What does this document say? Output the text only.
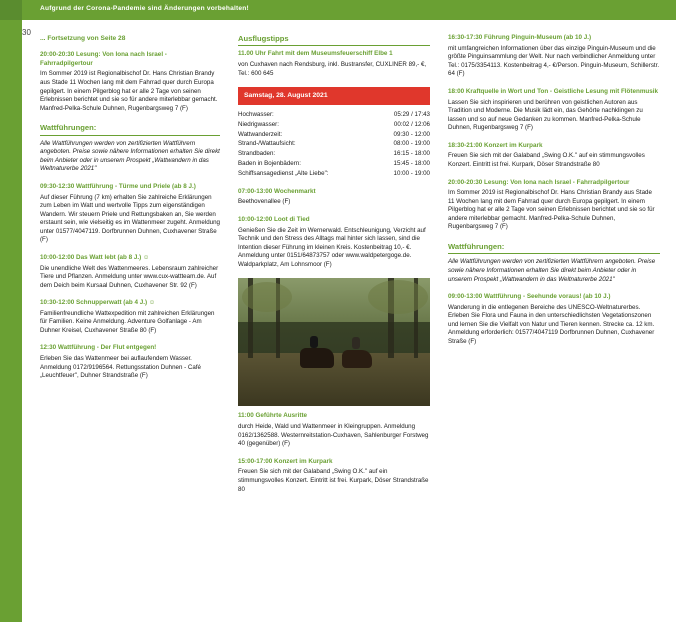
Aufgrund der Corona-Pandemie sind Änderungen vorbehalten!
30
... Fortsetzung von Seite 28
20:00-20:30 Lesung: Von Iona nach Israel - Fahrradpilgertour
Im Sommer 2019 ist Regionalbischof Dr. Hans Christian Brandy aus Stade 11 Wochen lang mit dem Fahrrad quer durch Europa gepilgert. In einem Pilgerblog hat er alle 2 Tage von seinen Erlebnissen berichtet und sie so für andere miterlebbar gemacht. Manfred-Pelka-Schule Duhnen, Rugenbargsweg 7 (F)
Wattführungen:
Alle Wattführungen werden von zertifizierten Wattführern angeboten. Preise sowie nähere Informationen erhalten Sie direkt beim Anbieter oder in unserem Prospekt „Wattwandern in das Weltnaturerbe 2021"
09:30-12:30 Wattführung - Türme und Priele (ab 8 J.)
Auf dieser Führung (7 km) erhalten Sie zahlreiche Erklärungen zum Leben im Watt und wertvolle Tipps zum eigenständigen Wandern. Wir steuern Priele und Rettungsbaken an, Sie werden erstaunt sein, wie vielseitig es im Wattenmeer zugeht. Anmeldung unter 01577/4047119. Dorfbrunnen Duhnen, Cuxhavener Straße (F)
10:00-12:00 Das Watt lebt (ab 8 J.) ☺
Die unendliche Welt des Wattenmeeres. Lebensraum zahlreicher Tiere und Pflanzen. Anmeldung unter www.cux-wattteam.de. Auf dem Deich beim Kursaal Duhnen, Cuxhavener Str. 92 (F)
10:30-12:00 Schnupperwatt (ab 4 J.) ☺
Familienfreundliche Wattexpedition mit zahlreichen Erklärungen für Familien. Keine Anmeldung. Adventure Golfanlage - Am Duhner Kreisel, Cuxhavener Straße 80 (F)
12:30 Wattführung - Der Flut entgegen!
Erleben Sie das Wattenmeer bei auflaufendem Wasser. Anmeldung 0172/9196564. Rettungsstation Duhnen - Café „Leuchtfeuer", Duhner Strandstraße (F)
Ausflugstipps
11.00 Uhr Fahrt mit dem Museumsfeuerschiff Elbe 1
von Cuxhaven nach Rendsburg, inkl. Bustransfer, CUXLINER 89,- €, Tel.: 600 645
Samstag, 28. August 2021
Hochwasser:	05:29 / 17:43
Niedrigwasser:	00:02 / 12:06
Wattwanderzeit:	09:30 - 12:00
Strand-/Wattaufsicht:	08:00 - 19:00
Strandbaden:	16:15 - 18:00
Baden in Bojenbädern:	15:45 - 18:00
Schiffsansagedienst „Alte Liebe":	10:00 - 19:00
07:00-13:00 Wochenmarkt
Beethovenallee (F)
10:00-12:00 Loot di Tied
Genießen Sie die Zeit im Wernerwald. Entschleunigung, Verzicht auf Technik und den Stress des Alltags mal hinter sich lassen, sind die Intention dieser Führung im kleinen Kreis. Kostenbeitrag 10,- €. Anmeldung unter 0151/64873757 oder www.waldpetergoge.de. Waldparkplatz, Am Lohnsmoor (F)
11:00 Geführte Ausritte
durch Heide, Wald und Wattenmeer in Kleingruppen. Anmeldung 0162/1362588. Westernreitstation-Cuxhaven, Sahlenburger Forstweg 40 (gegenüber) (F)
15:00-17:00 Konzert im Kurpark
Freuen Sie sich mit der Galaband „Swing O.K." auf ein stimmungsvolles Konzert. Eintritt ist frei. Kurpark, Döser Strandstraße 80
16:30-17:30 Führung Pinguin-Museum (ab 10 J.)
mit umfangreichen Informationen über das einzige Pinguin-Museum und die größte Pinguinsammlung der Welt. Nur nach verbindlicher Anmeldung unter Tel.: 0175/3354113. Kostenbeitrag 4,- €/Person. Pinguin-Museum, Schillerstr. 64 (F)
18:00 Kraftquelle in Wort und Ton - Geistliche Lesung mit Flötenmusik
Lassen Sie sich inspirieren und berühren von geistlichen Autoren aus Tradition und Moderne. Die Musik lädt ein, das Gehörte nachklingen zu lassen und so auf neue Gedanken zu kommen. Manfred-Pelka-Schule Duhnen, Rugenbargsweg 7 (F)
18:30-21:00 Konzert im Kurpark
Freuen Sie sich mit der Galaband „Swing O.K." auf ein stimmungsvolles Konzert. Eintritt ist frei. Kurpark, Döser Strandstraße 80
20:00-20:30 Lesung: Von Iona nach Israel - Fahrradpilgertour
Im Sommer 2019 ist Regionalbischof Dr. Hans Christian Brandy aus Stade 11 Wochen lang mit dem Fahrrad quer durch Europa gepilgert. In einem Pilgerblog hat er alle 2 Tage von seinen Erlebnissen berichtet und sie so für andere miterlebbar gemacht. Manfred-Pelka-Schule Duhnen, Rugenbargsweg 7 (F)
Wattführungen:
Alle Wattführungen werden von zertifizierten Wattführern angeboten. Preise sowie nähere Informationen erhalten Sie direkt beim Anbieter oder in unserem Prospekt „Wattwandern in das Weltnaturerbe 2021"
09:00-13:00 Wattführung - Seehunde voraus! (ab 10 J.)
Wanderung in die entlegenen Bereiche des UNESCO-Weltnaturerbes. Erleben Sie Flora und Fauna in den unterschiedlichsten Vegetationszonen und lernen Sie die Vielfalt von Natur und Tieren kennen. Strecke ca. 12 km. Anmeldung erforderlich: 01577/4047119 Dorfbrunnen Duhnen, Cuxhavener Straße (F)
